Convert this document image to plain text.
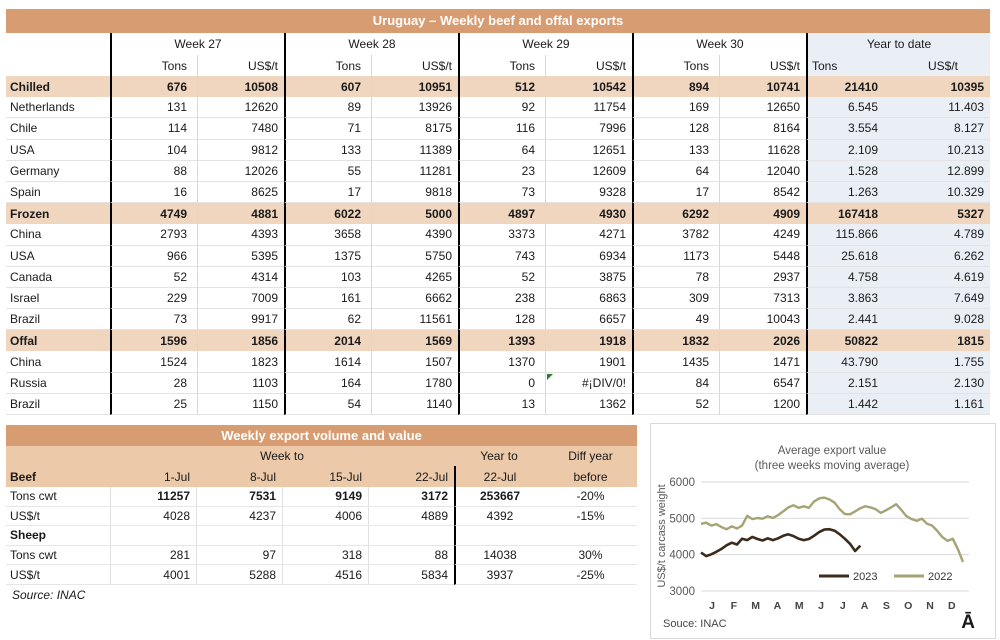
Uruguay – Weekly beef and offal exports
Week 27	Week 28	Week 29	Week 30	Year to date
Tons	US$/t	Tons	US$/t	Tons	US$/t	Tons	US$/t	Tons	US$/t
Chilled	676	10508	607	10951	512	10542	894	10741	21410	10395
Netherlands	131	12620	89	13926	92	11754	169	12650	6.545	11.403
Chile	114	7480	71	8175	116	7996	128	8164	3.554	8.127
USA	104	9812	133	11389	64	12651	133	11628	2.109	10.213
Germany	88	12026	55	11281	23	12609	64	12040	1.528	12.899
Spain	16	8625	17	9818	73	9328	17	8542	1.263	10.329
Frozen	4749	4881	6022	5000	4897	4930	6292	4909	167418	5327
China	2793	4393	3658	4390	3373	4271	3782	4249	115.866	4.789
USA	966	5395	1375	5750	743	6934	1173	5448	25.618	6.262
Canada	52	4314	103	4265	52	3875	78	2937	4.758	4.619
Israel	229	7009	161	6662	238	6863	309	7313	3.863	7.649
Brazil	73	9917	62	11561	128	6657	49	10043	2.441	9.028
Offal	1596	1856	2014	1569	1393	1918	1832	2026	50822	1815
China	1524	1823	1614	1507	1370	1901	1435	1471	43.790	1.755
Russia	28	1103	164	1780	0	#¡DIV/0!	84	6547	2.151	2.130
Brazil	25	1150	54	1140	13	1362	52	1200	1.442	1.161
Weekly export volume and value
Week to	Year to	Diff year
Beef	1-Jul	8-Jul	15-Jul	22-Jul	22-Jul	before
Tons cwt	11257	7531	9149	3172	253667	-20%
US$/t	4028	4237	4006	4889	4392	-15%
Sheep
Tons cwt	281	97	318	88	14038	30%
US$/t	4001	5288	4516	5834	3937	-25%
Source: INAC
Average export value
(three weeks moving average)
US$/t carcass weight
6000
5000
4000
3000
J F M A M J J A S O N D
2023	2022
Souce: INAC	Ā
